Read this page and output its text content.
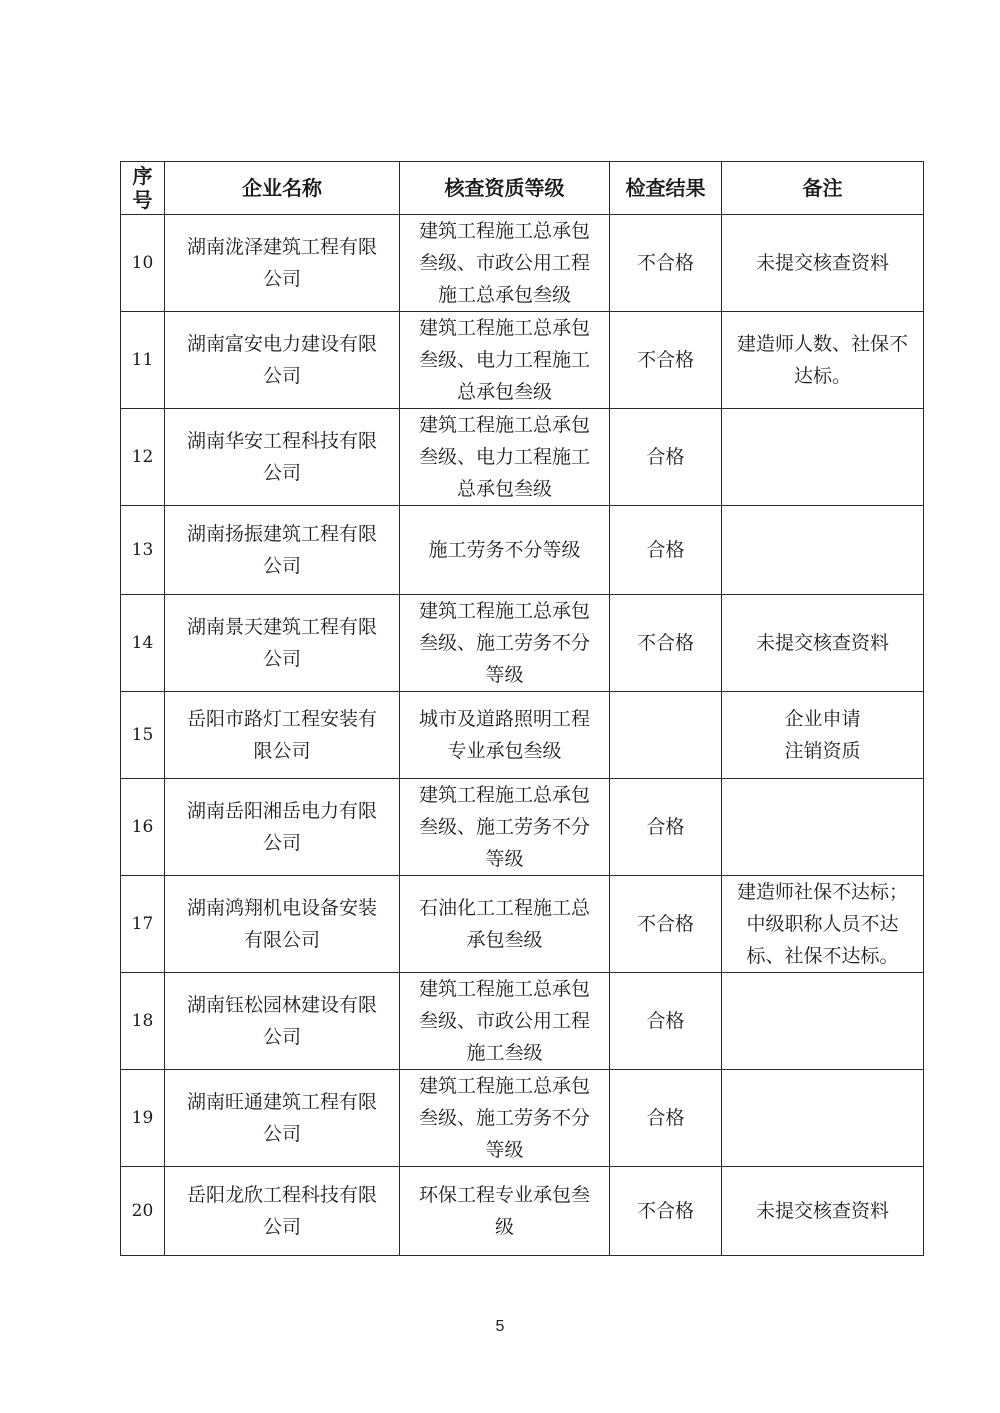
序号	企业名称	核查资质等级	检查结果	备注
10	湖南泷泽建筑工程有限公司	建筑工程施工总承包叁级、市政公用工程施工总承包叁级	不合格	未提交核查资料

11	湖南富安电力建设有限公司	建筑工程施工总承包叁级、电力工程施工总承包叁级	不合格	建造师人数、社保不达标。

12	湖南华安工程科技有限公司	建筑工程施工总承包叁级、电力工程施工总承包叁级	合格	
13	湖南扬振建筑工程有限公司	施工劳务不分等级	合格	
14	湖南景天建筑工程有限公司	建筑工程施工总承包叁级、施工劳务不分等级	不合格	未提交核查资料

15	岳阳市路灯工程安装有限公司	城市及道路照明工程专业承包叁级		企业申请
注销资质

16	湖南岳阳湘岳电力有限公司	建筑工程施工总承包叁级、施工劳务不分等级	合格	
17	湖南鸿翔机电设备安装有限公司	石油化工工程施工总承包叁级	不合格	建造师社保不达标；中级职称人员不达标、社保不达标。

18	湖南钰松园林建设有限公司	建筑工程施工总承包叁级、市政公用工程施工叁级	合格	
19	湖南旺通建筑工程有限公司	建筑工程施工总承包叁级、施工劳务不分等级	合格	
20	岳阳龙欣工程科技有限公司	环保工程专业承包叁级	不合格	未提交核查资料
5
